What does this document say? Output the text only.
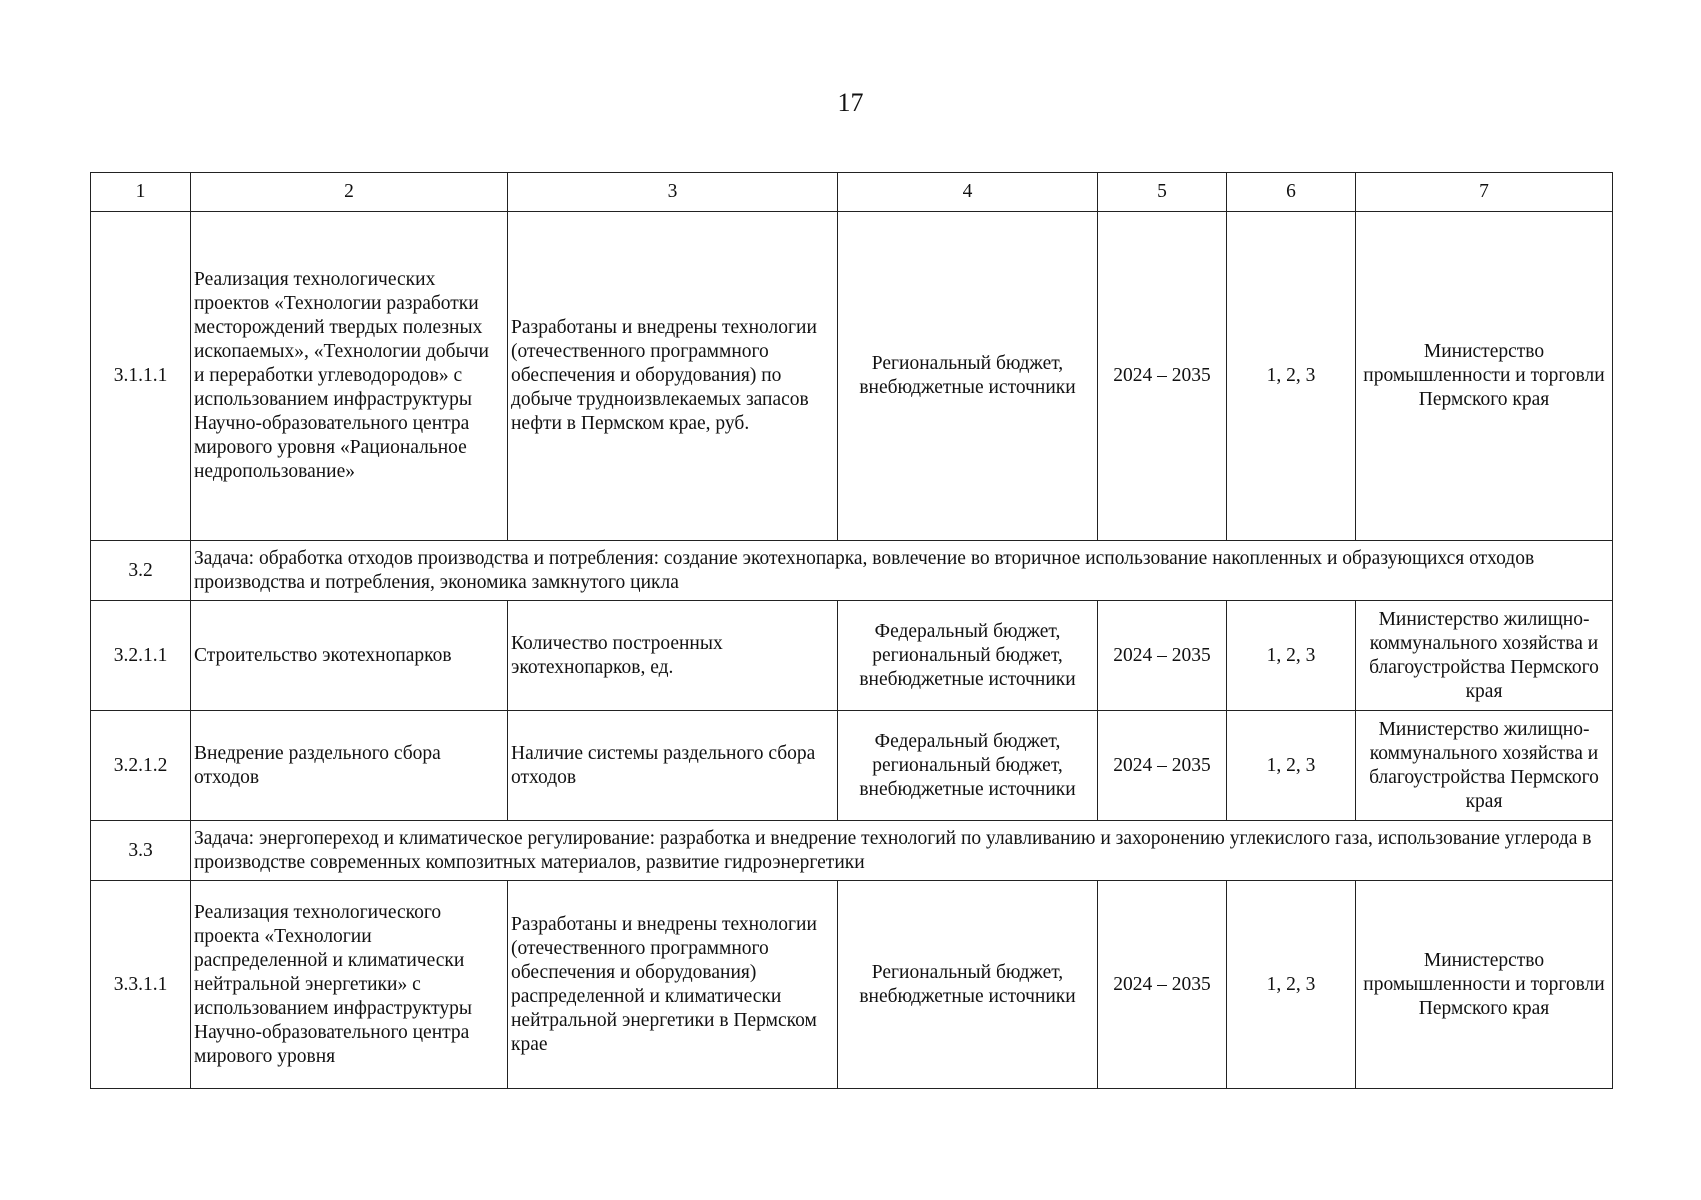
17
1	2	3	4	5	6	7
3.1.1.1	Реализация технологических проектов «Технологии разработки месторождений твердых полезных ископаемых», «Технологии добычи и переработки углеводородов» с использованием инфраструктуры Научно-образовательного центра мирового уровня «Рациональное недропользование»	Разработаны и внедрены технологии (отечественного программного обеспечения и оборудования) по добыче трудноизвлекаемых запасов нефти в Пермском крае, руб.	Региональный бюджет, внебюджетные источники	2024 – 2035	1, 2, 3	Министерство промышленности и торговли Пермского края
3.2	Задача: обработка отходов производства и потребления: создание экотехнопарка, вовлечение во вторичное использование накопленных и образующихся отходов производства и потребления, экономика замкнутого цикла					
3.2.1.1	Строительство экотехнопарков	Количество построенных экотехнопарков, ед.	Федеральный бюджет, региональный бюджет, внебюджетные источники	2024 – 2035	1, 2, 3	Министерство жилищно-коммунального хозяйства и благоустройства Пермского края
3.2.1.2	Внедрение раздельного сбора отходов	Наличие системы раздельного сбора отходов	Федеральный бюджет, региональный бюджет, внебюджетные источники	2024 – 2035	1, 2, 3	Министерство жилищно-коммунального хозяйства и благоустройства Пермского края
3.3	Задача: энергопереход и климатическое регулирование: разработка и внедрение технологий по улавливанию и захоронению углекислого газа, использование углерода в производстве современных композитных материалов, развитие гидроэнергетики					
3.3.1.1	Реализация технологического проекта «Технологии распределенной и климатически нейтральной энергетики» с использованием инфраструктуры Научно-образовательного центра мирового уровня	Разработаны и внедрены технологии (отечественного программного обеспечения и оборудования) распределенной и климатически нейтральной энергетики в Пермском крае	Региональный бюджет, внебюджетные источники	2024 – 2035	1, 2, 3	Министерство промышленности и торговли Пермского края
